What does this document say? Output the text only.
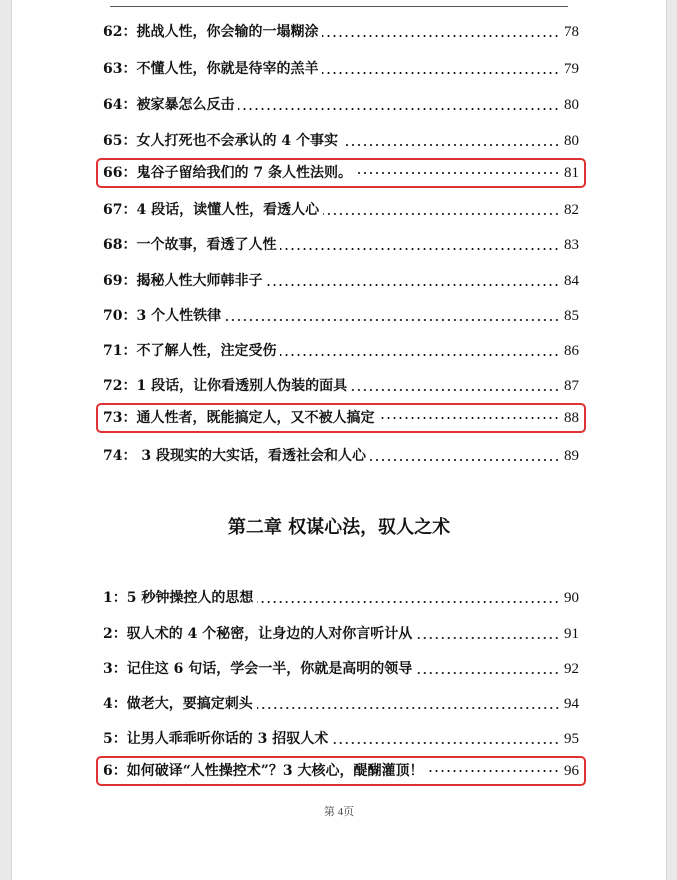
62：挑战人性，你会输的一塌糊涂	78
63：不懂人性，你就是待宰的羔羊	79
64：被家暴怎么反击	80
65：女人打死也不会承认的 4 个事实	80
66：鬼谷子留给我们的 7 条人性法则。	81
67：4 段话，读懂人性，看透人心	82
68：一个故事，看透了人性	83
69：揭秘人性大师韩非子	84
70：3 个人性铁律	85
71：不了解人性，注定受伤	86
72：1 段话，让你看透别人伪装的面具	87
73：通人性者，既能搞定人，又不被人搞定	88
74： 3 段现实的大实话，看透社会和人心	89
第二章 权谋心法，驭人之术
1：5 秒钟操控人的思想	90
2：驭人术的 4 个秘密，让身边的人对你言听计从	91
3：记住这 6 句话，学会一半，你就是高明的领导	92
4：做老大，要搞定刺头	94
5：让男人乖乖听你话的 3 招驭人术	95
6：如何破译“人性操控术”？3 大核心，醍醐灌顶！	96
第 4页
